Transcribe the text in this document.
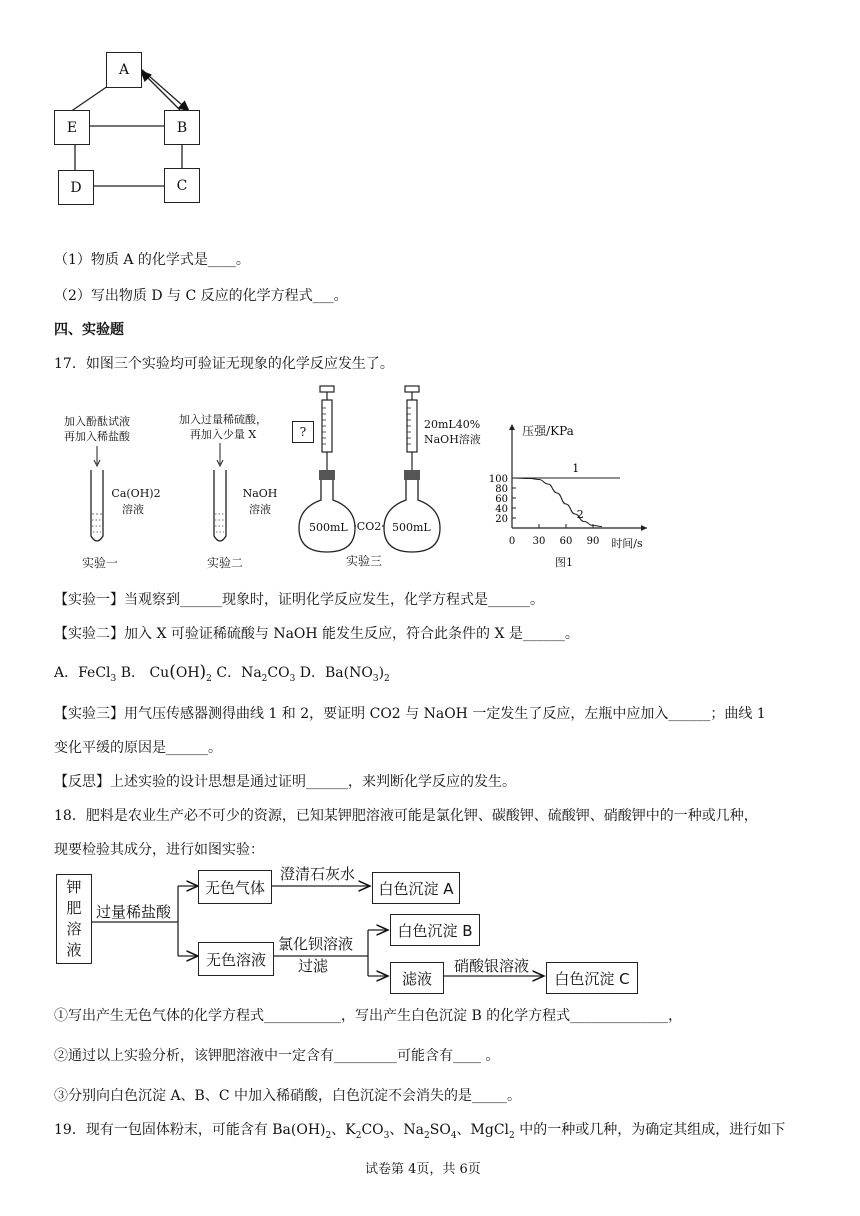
A
E	B
D	C
（1）物质 A 的化学式是____。
（2）写出物质 D 与 C 反应的化学方程式___。
四、实验题
17．如图三个实验均可验证无现象的化学反应发生了。
加入酚酞试液
再加入稀盐酸
Ca(OH)2
溶液
实验一
加入过量稀硫酸，
再加入少量 X
NaOH
溶液
实验二
?
20mL40%
NaOH溶液
500mL CO2 500mL
实验三
20
40
60
80
100
0 30 60 90
1
2
压强/KPa
时间/s
图1
【实验一】当观察到______现象时，证明化学反应发生，化学方程式是______。
【实验二】加入 X 可验证稀硫酸与 NaOH 能发生反应，符合此条件的 X 是______。
A．FeCl$_3$ B． $Cu(OH)_2$ C．$Na_2CO_3$ D．$Ba(NO_3)_2$
【实验三】用气压传感器测得曲线 1 和 2，要证明 CO2 与 NaOH 一定发生了反应，左瓶中应加入______；曲线 1
变化平缓的原因是______。
【反思】上述实验的设计思想是通过证明______，来判断化学反应的发生。
18．肥料是农业生产必不可少的资源，已知某钾肥溶液可能是氯化钾、碳酸钾、硫酸钾、硝酸钾中的一种或几种，
现要检验其成分，进行如图实验：
钾
肥
溶
液
过量稀盐酸
无色气体
澄清石灰水
白色沉淀 A
无色溶液
氯化钡溶液
过滤
白色沉淀 B
滤液
硝酸银溶液
白色沉淀 C
①写出产生无色气体的化学方程式___________，写出产生白色沉淀 B 的化学方程式______________，
②通过以上实验分析，该钾肥溶液中一定含有_________可能含有____ 。
③分别向白色沉淀 A、B、C 中加入稀硝酸，白色沉淀不会消失的是_____。
19．现有一包固体粉末，可能含有 $Ba(OH)_2$、$K_2CO_3$、$Na_2SO_4$、MgCl$_2$ 中的一种或几种，为确定其组成，进行如下
试卷第 4页，共 6页
